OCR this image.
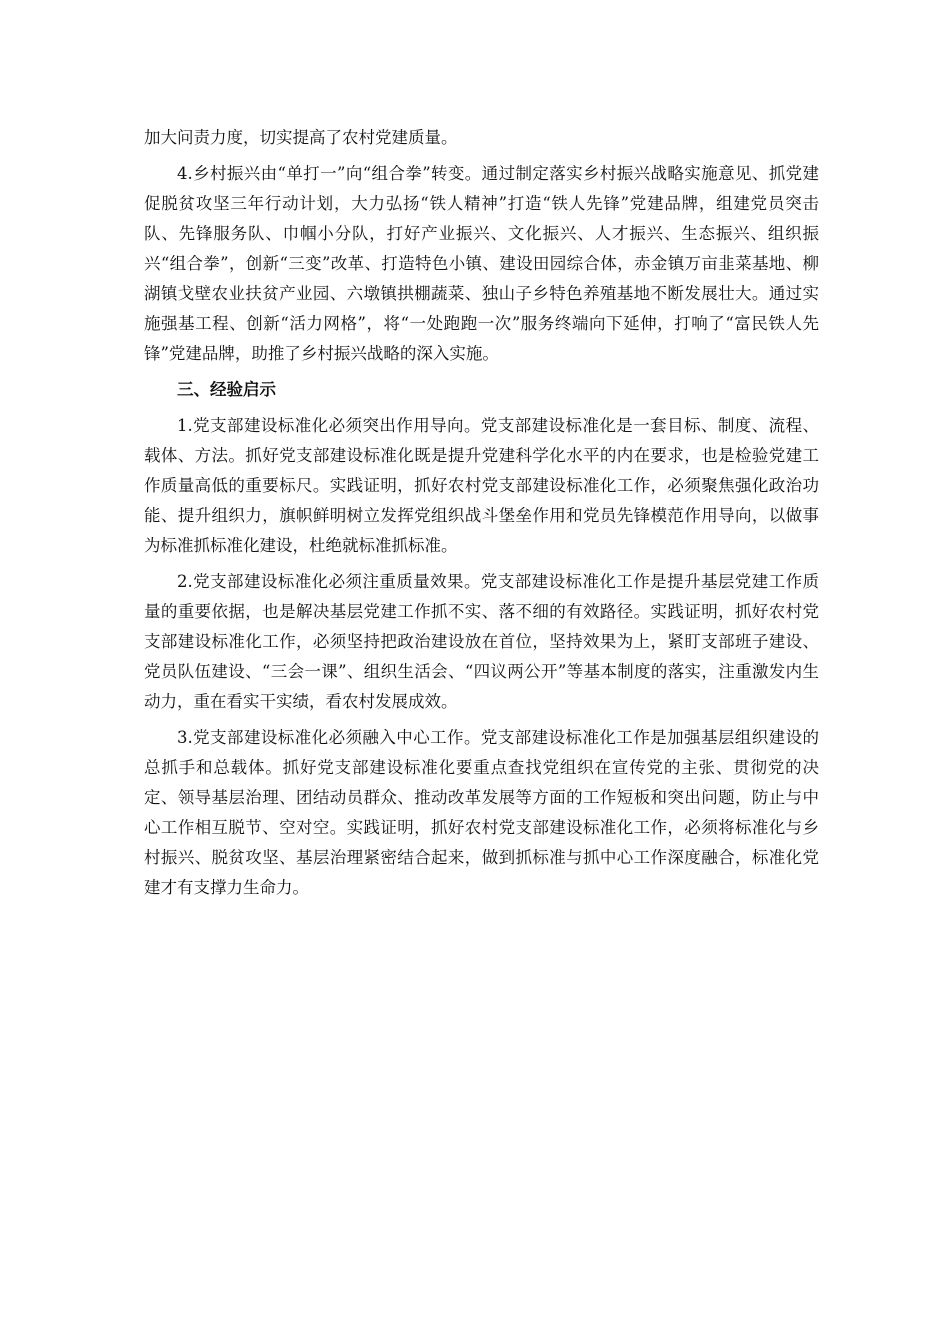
加大问责力度，切实提高了农村党建质量。

4.乡村振兴由“单打一”向“组合拳”转变。通过制定落实乡村振兴战略实施意见、抓党建促脱贫攻坚三年行动计划，大力弘扬“铁人精神”打造“铁人先锋”党建品牌，组建党员突击队、先锋服务队、巾帼小分队，打好产业振兴、文化振兴、人才振兴、生态振兴、组织振兴“组合拳”，创新“三变”改革、打造特色小镇、建设田园综合体，赤金镇万亩韭菜基地、柳湖镇戈壁农业扶贫产业园、六墩镇拱棚蔬菜、独山子乡特色养殖基地不断发展壮大。通过实施强基工程、创新“活力网格”，将“一处跑跑一次”服务终端向下延伸，打响了“富民铁人先锋”党建品牌，助推了乡村振兴战略的深入实施。

三、经验启示

1.党支部建设标准化必须突出作用导向。党支部建设标准化是一套目标、制度、流程、载体、方法。抓好党支部建设标准化既是提升党建科学化水平的内在要求，也是检验党建工作质量高低的重要标尺。实践证明，抓好农村党支部建设标准化工作，必须聚焦强化政治功能、提升组织力，旗帜鲜明树立发挥党组织战斗堡垒作用和党员先锋模范作用导向，以做事为标准抓标准化建设，杜绝就标准抓标准。

2.党支部建设标准化必须注重质量效果。党支部建设标准化工作是提升基层党建工作质量的重要依据，也是解决基层党建工作抓不实、落不细的有效路径。实践证明，抓好农村党支部建设标准化工作，必须坚持把政治建设放在首位，坚持效果为上，紧盯支部班子建设、党员队伍建设、“三会一课”、组织生活会、“四议两公开”等基本制度的落实，注重激发内生动力，重在看实干实绩，看农村发展成效。

3.党支部建设标准化必须融入中心工作。党支部建设标准化工作是加强基层组织建设的总抓手和总载体。抓好党支部建设标准化要重点查找党组织在宣传党的主张、贯彻党的决定、领导基层治理、团结动员群众、推动改革发展等方面的工作短板和突出问题，防止与中心工作相互脱节、空对空。实践证明，抓好农村党支部建设标准化工作，必须将标准化与乡村振兴、脱贫攻坚、基层治理紧密结合起来，做到抓标准与抓中心工作深度融合，标准化党建才有支撑力生命力。
